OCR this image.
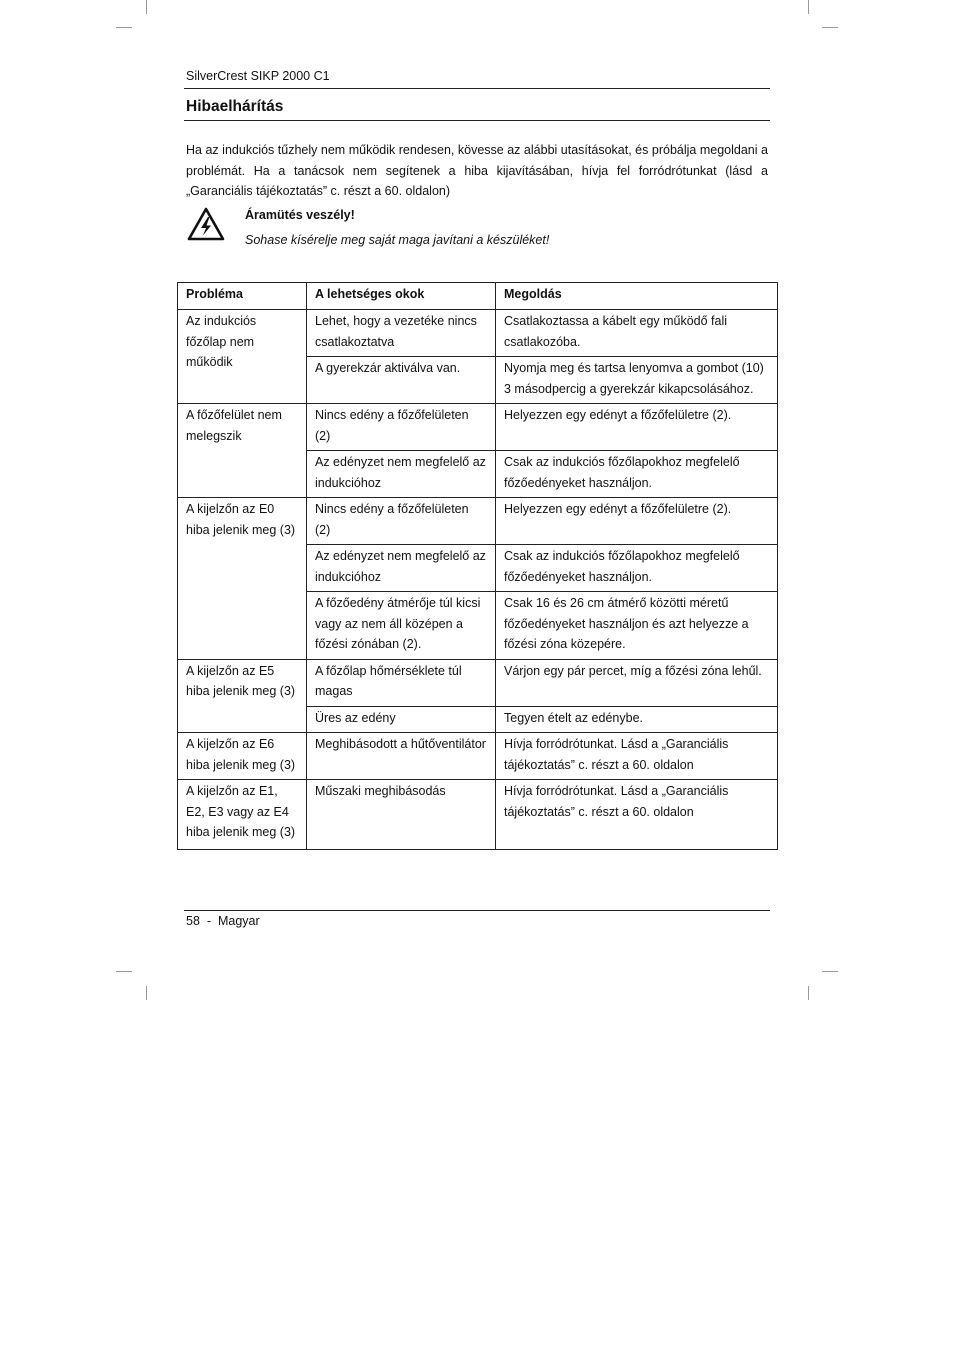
SilverCrest SIKP 2000 C1
Hibaelhárítás
Ha az indukciós tűzhely nem működik rendesen, kövesse az alábbi utasításokat, és próbálja megoldani a problémát. Ha a tanácsok nem segítenek a hiba kijavításában, hívja fel forródrótunkat (lásd a „Garanciális tájékoztatás” c. részt a 60. oldalon)
Áramütés veszély!
Sohase kísérelje meg saját maga javítani a készüléket!
Probléma	A lehetséges okok	Megoldás
Az indukciós főzőlap nem működik	Lehet, hogy a vezetéke nincs csatlakoztatva	Csatlakoztassa a kábelt egy működő fali csatlakozóba.
	A gyerekzár aktiválva van.	Nyomja meg és tartsa lenyomva a gombot (10) 3 másodpercig a gyerekzár kikapcsolásához.
A főzőfelület nem melegszik	Nincs edény a főzőfelületen (2)	Helyezzen egy edényt a főzőfelületre (2).
	Az edényzet nem megfelelő az indukcióhoz	Csak az indukciós főzőlapokhoz megfelelő főzőedényeket használjon.
A kijelzőn az E0 hiba jelenik meg (3)	Nincs edény a főzőfelületen (2)	Helyezzen egy edényt a főzőfelületre (2).
	Az edényzet nem megfelelő az indukcióhoz	Csak az indukciós főzőlapokhoz megfelelő főzőedényeket használjon.
	A főzőedény átmérője túl kicsi vagy az nem áll középen a főzési zónában (2).	Csak 16 és 26 cm átmérő közötti méretű főzőedényeket használjon és azt helyezze a főzési zóna közepére.
A kijelzőn az E5 hiba jelenik meg (3)	A főzőlap hőmérséklete túl magas	Várjon egy pár percet, míg a főzési zóna lehűl.
	Üres az edény	Tegyen ételt az edénybe.
A kijelzőn az E6 hiba jelenik meg (3)	Meghibásodott a hűtőventilátor	Hívja forródrótunkat. Lásd a „Garanciális tájékoztatás” c. részt a 60. oldalon
A kijelzőn az E1, E2, E3 vagy az E4 hiba jelenik meg (3)	Műszaki meghibásodás	Hívja forródrótunkat. Lásd a „Garanciális tájékoztatás” c. részt a 60. oldalon
58  -  Magyar
